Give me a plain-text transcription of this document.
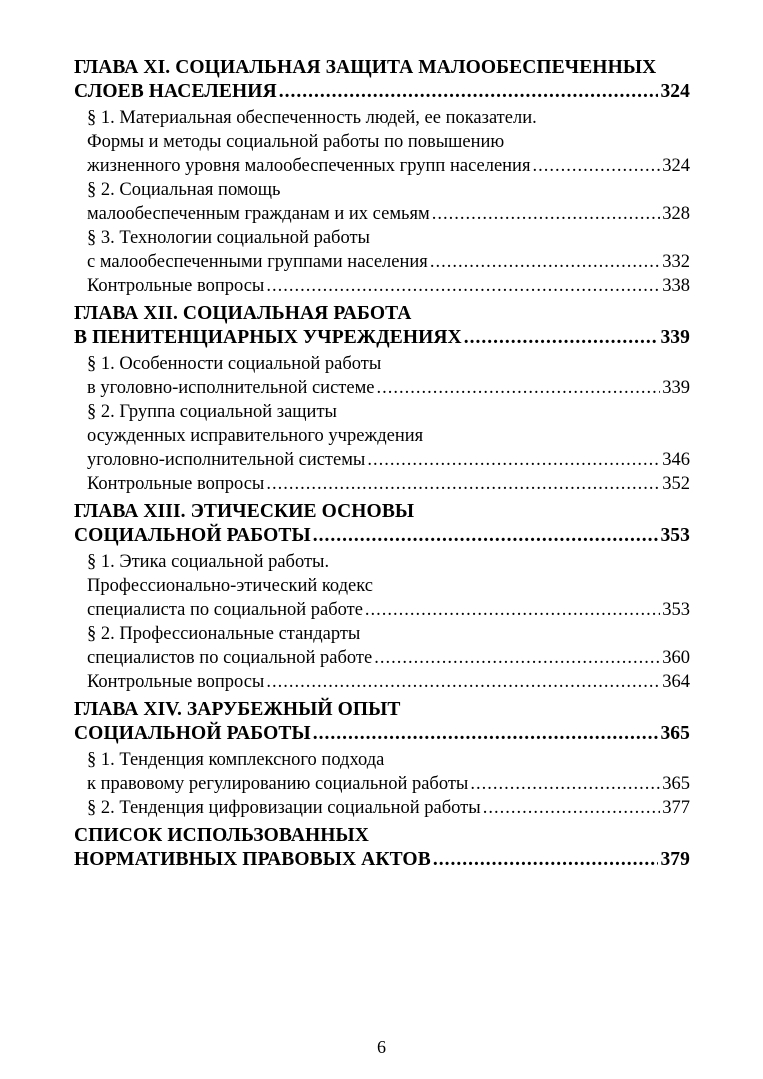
ГЛАВА XI. СОЦИАЛЬНАЯ ЗАЩИТА МАЛООБЕСПЕЧЕННЫХ
СЛОЕВ НАСЕЛЕНИЯ .....	324
§ 1. Материальная обеспеченность людей, ее показатели.
Формы и методы социальной работы по повышению
жизненного уровня малообеспеченных групп населения .....	324
§ 2. Социальная помощь
малообеспеченным гражданам и их семьям .....	328
§ 3. Технологии социальной работы
с малообеспеченными группами населения .....	332
Контрольные вопросы .....	338
ГЛАВА XII. СОЦИАЛЬНАЯ РАБОТА
В ПЕНИТЕНЦИАРНЫХ УЧРЕЖДЕНИЯХ .....	339
§ 1. Особенности социальной работы
в уголовно-исполнительной системе .....	339
§ 2. Группа социальной защиты
осужденных исправительного учреждения
уголовно-исполнительной системы .....	346
Контрольные вопросы .....	352
ГЛАВА XIII. ЭТИЧЕСКИЕ ОСНОВЫ
СОЦИАЛЬНОЙ РАБОТЫ .....	353
§ 1. Этика социальной работы.
Профессионально-этический кодекс
специалиста по социальной работе .....	353
§ 2. Профессиональные стандарты
специалистов по социальной работе .....	360
Контрольные вопросы .....	364
ГЛАВА XIV. ЗАРУБЕЖНЫЙ ОПЫТ
СОЦИАЛЬНОЙ РАБОТЫ .....	365
§ 1. Тенденция комплексного подхода
к правовому регулированию социальной работы .....	365
§ 2. Тенденция цифровизации социальной работы .....	377
СПИСОК ИСПОЛЬЗОВАННЫХ
НОРМАТИВНЫХ ПРАВОВЫХ АКТОВ .....	379
6
